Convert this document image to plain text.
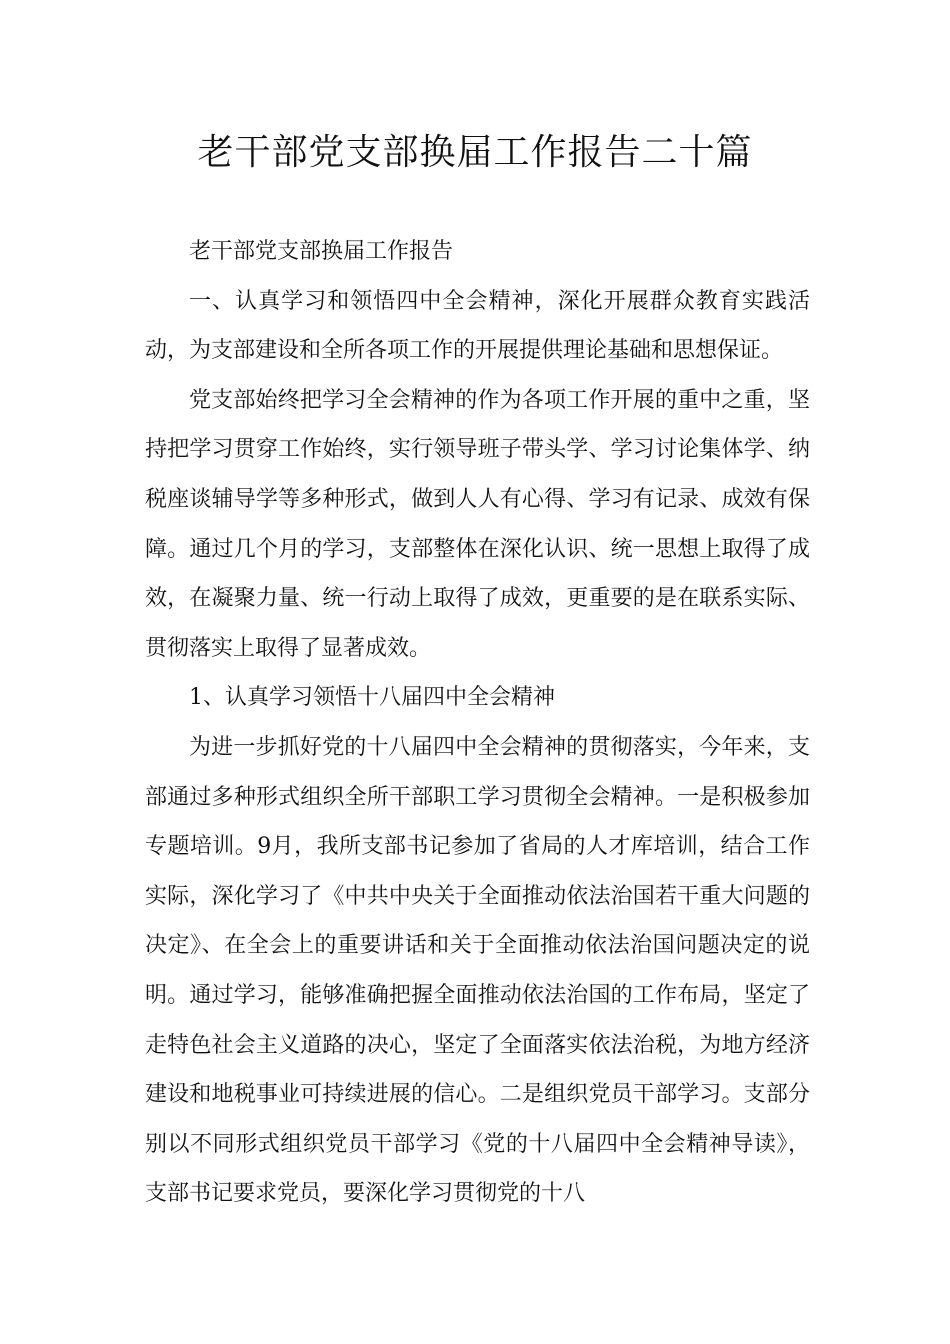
老干部党支部换届工作报告二十篇

老干部党支部换届工作报告

一、认真学习和领悟四中全会精神，深化开展群众教育实践活动，为支部建设和全所各项工作的开展提供理论基础和思想保证。

党支部始终把学习全会精神的作为各项工作开展的重中之重，坚持把学习贯穿工作始终，实行领导班子带头学、学习讨论集体学、纳税座谈辅导学等多种形式，做到人人有心得、学习有记录、成效有保障。通过几个月的学习，支部整体在深化认识、统一思想上取得了成效，在凝聚力量、统一行动上取得了成效，更重要的是在联系实际、贯彻落实上取得了显著成效。

1、认真学习领悟十八届四中全会精神

为进一步抓好党的十八届四中全会精神的贯彻落实，今年来，支部通过多种形式组织全所干部职工学习贯彻全会精神。一是积极参加专题培训。9月，我所支部书记参加了省局的人才库培训，结合工作实际，深化学习了《中共中央关于全面推动依法治国若干重大问题的决定》、在全会上的重要讲话和关于全面推动依法治国问题决定的说明。通过学习，能够准确把握全面推动依法治国的工作布局，坚定了走特色社会主义道路的决心，坚定了全面落实依法治税，为地方经济建设和地税事业可持续进展的信心。二是组织党员干部学习。支部分别以不同形式组织党员干部学习《党的十八届四中全会精神导读》，支部书记要求党员，要深化学习贯彻党的十八
